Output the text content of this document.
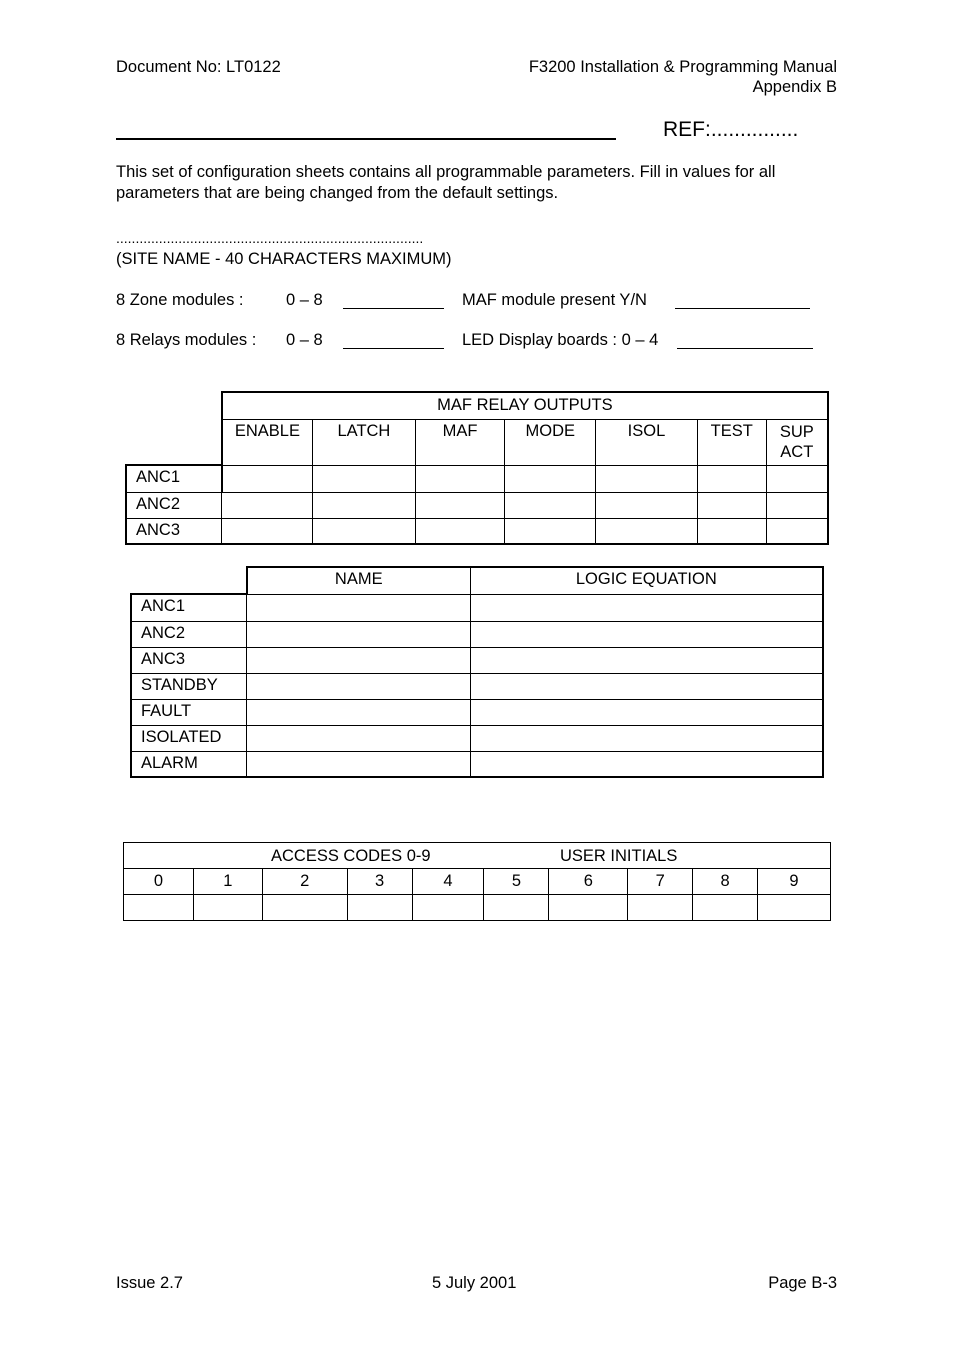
Document No: LT0122	F3200 Installation & Programming Manual
Appendix B
REF:...............
This set of configuration sheets contains all programmable parameters. Fill in values for all
parameters that are being changed from the default settings.
...............................................................................
(SITE NAME - 40 CHARACTERS MAXIMUM)
8 Zone modules :	0 – 8	MAF module present Y/N
8 Relays modules : 0 – 8	LED Display boards : 0 – 4
	MAF RELAY OUTPUTS						
	ENABLE	LATCH	MAF	MODE	ISOL	TEST	SUP
ACT
ANC1							
ANC2							
ANC3							
	NAME	LOGIC EQUATION
ANC1		
ANC2		
ANC3		
STANDBY		
FAULT		
ISOLATED		
ALARM		
ACCESS CODES 0-9 USER INITIALS									

0	1	2	3	4	5	6	7	8	9

Issue 2.7	5 July 2001	Page B-3
